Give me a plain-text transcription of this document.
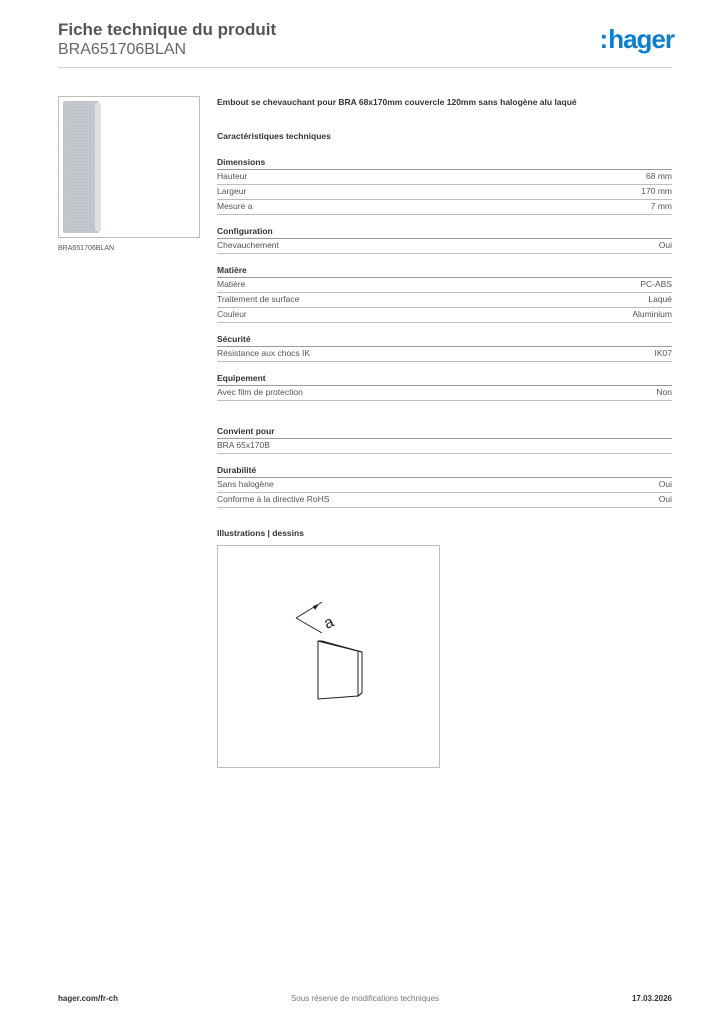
Fiche technique du produit
BRA651706BLAN	:hager
BRA651706BLAN
Embout se chevauchant pour BRA 68x170mm couvercle 120mm sans halogène alu laqué
Caractéristiques techniques
Dimensions
Hauteur	68 mm
Largeur	170 mm
Mesure a	7 mm
Configuration
Chevauchement	Oui
Matière
Matière	PC-ABS
Traitement de surface	Laqué
Couleur	Aluminium
Sécurité
Résistance aux chocs IK	IK07
Equipement
Avec film de protection	Non
Convient pour
BRA 65x170B
Durabilité
Sans halogène	Oui
Conforme à la directive RoHS	Oui
Illustrations | dessins
a
hager.com/fr-ch	Sous réserve de modifications techniques	17.03.2026
